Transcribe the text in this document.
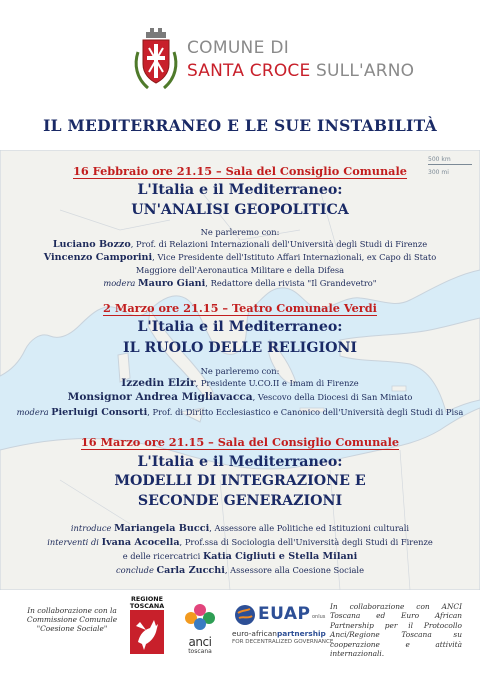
COMUNE DI
SANTA CROCE SULL'ARNO
IL MEDITERRANEO E LE SUE INSTABILITÀ
500 km
300 mi
16 Febbraio ore 21.15 – Sala del Consiglio Comunale
L'Italia e il Mediterraneo:
UN'ANALISI GEOPOLITICA
Ne parleremo con:
Luciano Bozzo, Prof. di Relazioni Internazionali dell'Università degli Studi di Firenze
Vincenzo Camporini, Vice Presidente dell'Istituto Affari Internazionali, ex Capo di Stato
Maggiore dell'Aeronautica Militare e della Difesa
modera Mauro Giani, Redattore della rivista "Il Grandevetro"
2 Marzo ore 21.15 – Teatro Comunale Verdi
L'Italia e il Mediterraneo:
IL RUOLO DELLE RELIGIONI
Ne parleremo con:
Izzedin Elzir, Presidente U.CO.II e Imam di Firenze
Monsignor Andrea Migliavacca, Vescovo della Diocesi di San Miniato
modera Pierluigi Consorti, Prof. di Diritto Ecclesiastico e Canonico dell'Università degli Studi di Pisa
16 Marzo ore 21.15 – Sala del Consiglio Comunale
L'Italia e il Mediterraneo:
MODELLI DI INTEGRAZIONE E
SECONDE GENERAZIONI
introduce Mariangela Bucci, Assessore alle Politiche ed Istituzioni culturali
interventi di Ivana Acocella, Prof.ssa di Sociologia dell'Università degli Studi di Firenze
e delle ricercatrici Katia Cigliuti e Stella Milani
conclude Carla Zucchi, Assessore alla Coesione Sociale
In collaborazione con la Commissione Comunale "Coesione Sociale"
REGIONE
TOSCANA
anci
toscana
EUAP onlus
euro-africanpartnership
FOR DECENTRALIZED GOVERNANCE
In collaborazione con ANCI Toscana ed Euro African Partnership per il Protocollo Anci/Regione Toscana su cooperazione e attività internazionali.
